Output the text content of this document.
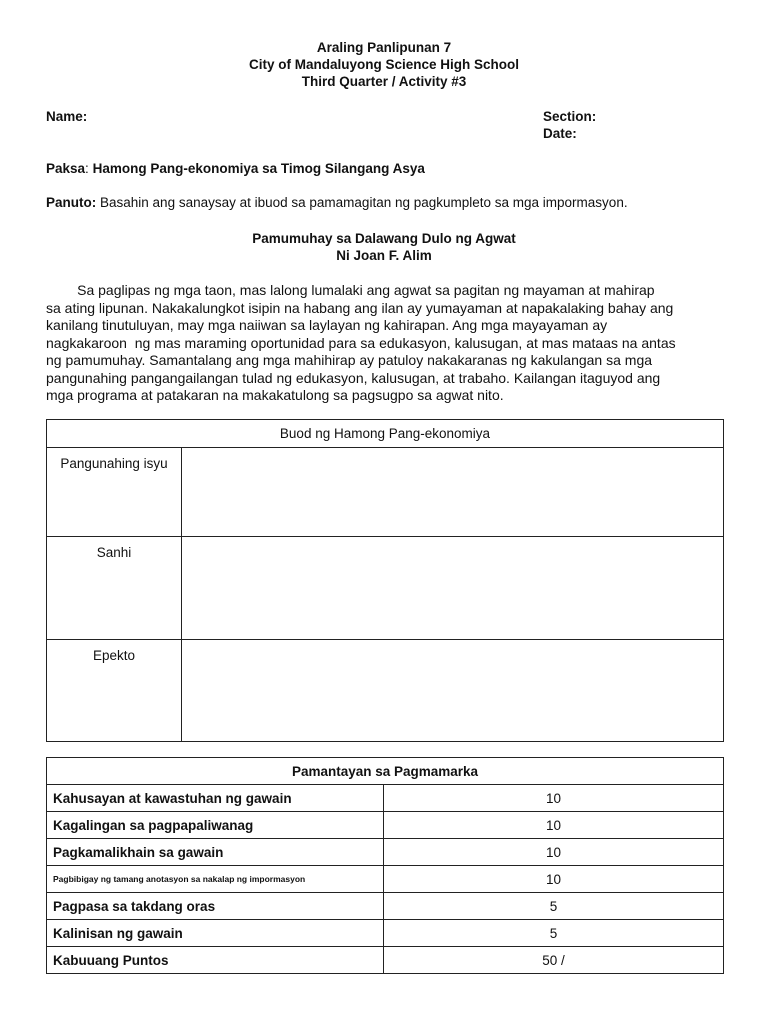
Araling Panlipunan 7
City of Mandaluyong Science High School
Third Quarter / Activity #3
Name:	Section:
Date:
Paksa: Hamong Pang-ekonomiya sa Timog Silangang Asya
Panuto: Basahin ang sanaysay at ibuod sa pamamagitan ng pagkumpleto sa mga impormasyon.
Pamumuhay sa Dalawang Dulo ng Agwat
Ni Joan F. Alim
Sa paglipas ng mga taon, mas lalong lumalaki ang agwat sa pagitan ng mayaman at mahirap
sa ating lipunan. Nakakalungkot isipin na habang ang ilan ay yumayaman at napakalaking bahay ang
kanilang tinutuluyan, may mga naiiwan sa laylayan ng kahirapan. Ang mga mayayaman ay
nagkakaroon  ng mas maraming oportunidad para sa edukasyon, kalusugan, at mas mataas na antas
ng pamumuhay. Samantalang ang mga mahihirap ay patuloy nakakaranas ng kakulangan sa mga
pangunahing pangangailangan tulad ng edukasyon, kalusugan, at trabaho. Kailangan itaguyod ang
mga programa at patakaran na makakatulong sa pagsugpo sa agwat nito.
Buod ng Hamong Pang-ekonomiya	
Pangunahing isyu	
Sanhi	
Epekto	
Pamantayan sa Pagmamarka	
Kahusayan at kawastuhan ng gawain	10
Kagalingan sa pagpapaliwanag	10
Pagkamalikhain sa gawain	10
Pagbibigay ng tamang anotasyon sa nakalap ng impormasyon	10
Pagpasa sa takdang oras	5
Kalinisan ng gawain	5
Kabuuang Puntos	50 /
